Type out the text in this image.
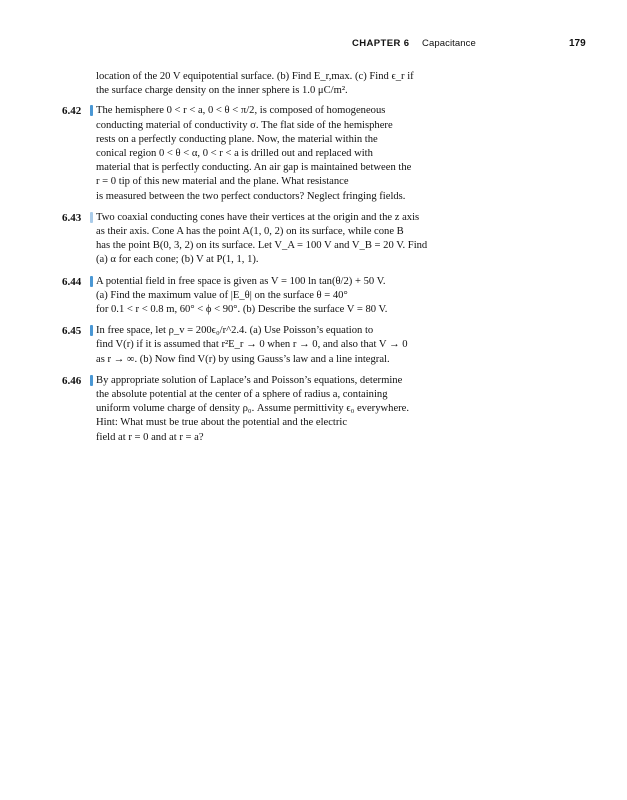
CHAPTER 6 Capacitance	179
location of the 20 V equipotential surface. (b) Find E_r,max. (c) Find ϵ_r if
the surface charge density on the inner sphere is 1.0 μC/m².
6.42 The hemisphere 0 < r < a, 0 < θ < π/2, is composed of homogeneous
conducting material of conductivity σ. The flat side of the hemisphere
rests on a perfectly conducting plane. Now, the material within the
conical region 0 < θ < α, 0 < r < a is drilled out and replaced with
material that is perfectly conducting. An air gap is maintained between the
r = 0 tip of this new material and the plane. What resistance
is measured between the two perfect conductors? Neglect fringing fields.
6.43 Two coaxial conducting cones have their vertices at the origin and the z axis
as their axis. Cone A has the point A(1, 0, 2) on its surface, while cone B
has the point B(0, 3, 2) on its surface. Let V_A = 100 V and V_B = 20 V. Find
(a) α for each cone; (b) V at P(1, 1, 1).
6.44 A potential field in free space is given as V = 100 ln tan(θ/2) + 50 V.
(a) Find the maximum value of |E_θ| on the surface θ = 40°
for 0.1 < r < 0.8 m, 60° < ϕ < 90°. (b) Describe the surface V = 80 V.
6.45 In free space, let ρ_v = 200ϵ₀/r^2.4. (a) Use Poisson’s equation to
find V(r) if it is assumed that r²E_r → 0 when r → 0, and also that V → 0
as r → ∞. (b) Now find V(r) by using Gauss’s law and a line integral.
6.46 By appropriate solution of Laplace’s and Poisson’s equations, determine
the absolute potential at the center of a sphere of radius a, containing
uniform volume charge of density ρ₀. Assume permittivity ϵ₀ everywhere.
Hint: What must be true about the potential and the electric
field at r = 0 and at r = a?
